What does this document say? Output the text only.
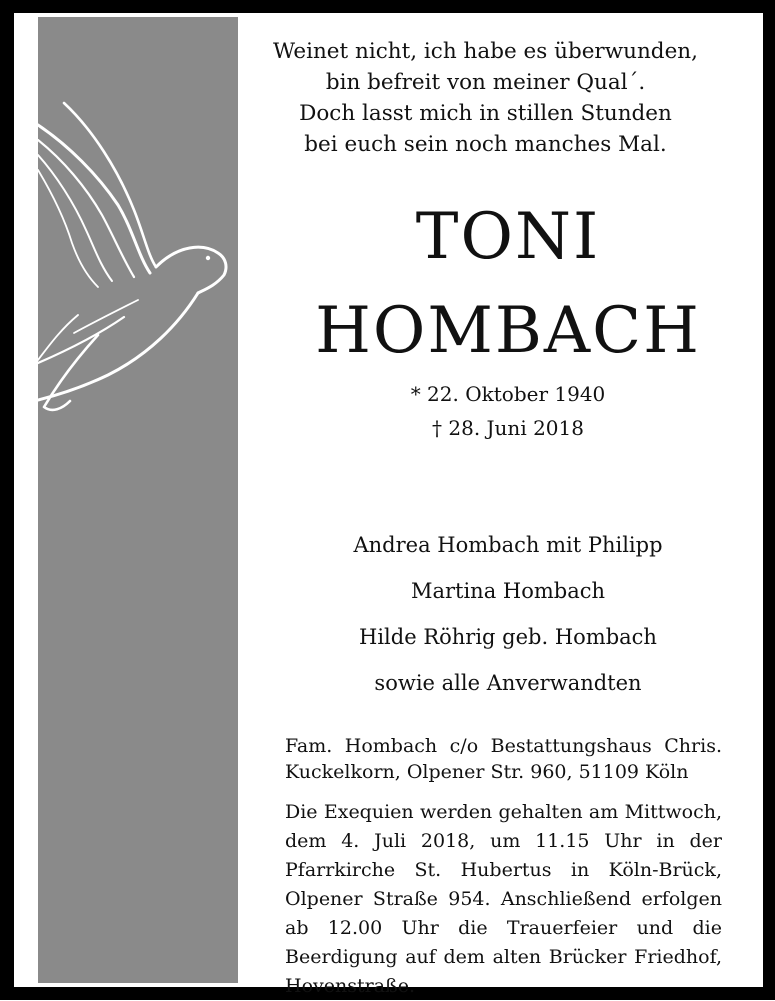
Weinet nicht, ich habe es überwunden,
bin befreit von meiner Qual´.
Doch lasst mich in stillen Stunden
bei euch sein noch manches Mal.
TONI
HOMBACH
* 22. Oktober 1940
† 28. Juni 2018
Andrea Hombach mit Philipp
Martina Hombach
Hilde Röhrig geb. Hombach
sowie alle Anverwandten
Fam. Hombach c/o Bestattungshaus Chris. Kuckelkorn, Olpener Str. 960, 51109 Köln
Die Exequien werden gehalten am Mittwoch, dem 4. Juli 2018, um 11.15 Uhr in der Pfarrkirche St. Hubertus in Köln-Brück, Olpener Straße 954. Anschließend erfolgen ab 12.00 Uhr die Trauerfeier und die Beerdigung auf dem alten Brücker Friedhof, Hovenstraße.
